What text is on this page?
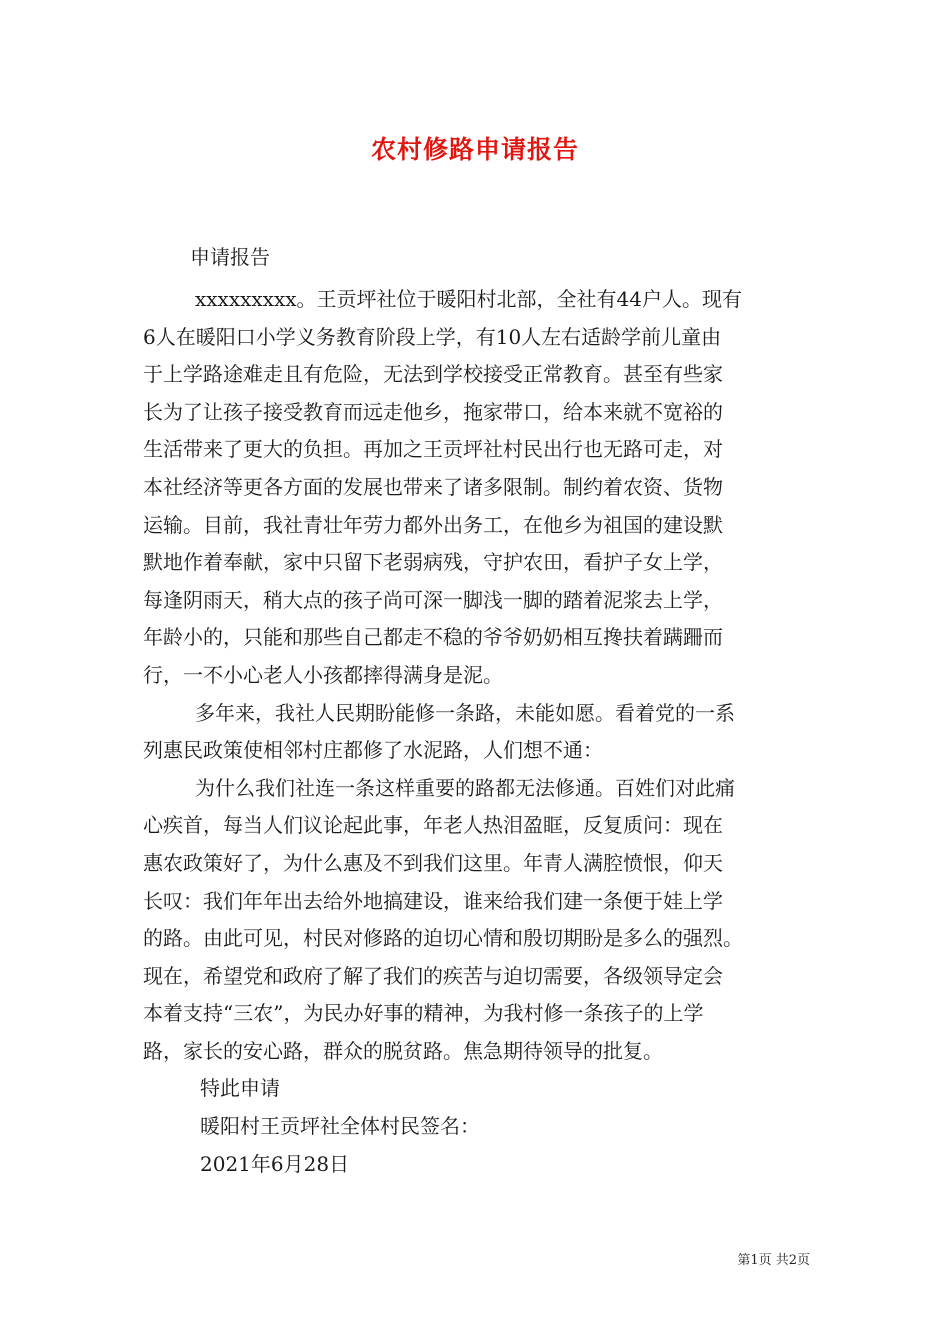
农村修路申请报告

申请报告

xxxxxxxxx。王贡坪社位于暖阳村北部，全社有44户人。现有
6人在暖阳口小学义务教育阶段上学，有10人左右适龄学前儿童由
于上学路途难走且有危险，无法到学校接受正常教育。甚至有些家
长为了让孩子接受教育而远走他乡，拖家带口，给本来就不宽裕的
生活带来了更大的负担。再加之王贡坪社村民出行也无路可走，对
本社经济等更各方面的发展也带来了诸多限制。制约着农资、货物
运输。目前，我社青壮年劳力都外出务工，在他乡为祖国的建设默
默地作着奉献，家中只留下老弱病残，守护农田，看护子女上学，
每逢阴雨天，稍大点的孩子尚可深一脚浅一脚的踏着泥浆去上学，
年龄小的，只能和那些自己都走不稳的爷爷奶奶相互搀扶着蹒跚而
行，一不小心老人小孩都摔得满身是泥。

多年来，我社人民期盼能修一条路，未能如愿。看着党的一系
列惠民政策使相邻村庄都修了水泥路，人们想不通：

为什么我们社连一条这样重要的路都无法修通。百姓们对此痛
心疾首，每当人们议论起此事，年老人热泪盈眶，反复质问：现在
惠农政策好了，为什么惠及不到我们这里。年青人满腔愤恨，仰天
长叹：我们年年出去给外地搞建设，谁来给我们建一条便于娃上学
的路。由此可见，村民对修路的迫切心情和殷切期盼是多么的强烈。
现在，希望党和政府了解了我们的疾苦与迫切需要，各级领导定会
本着支持“三农”，为民办好事的精神，为我村修一条孩子的上学
路，家长的安心路，群众的脱贫路。焦急期待领导的批复。

特此申请

暖阳村王贡坪社全体村民签名：

2021年6月28日

第1页 共2页
